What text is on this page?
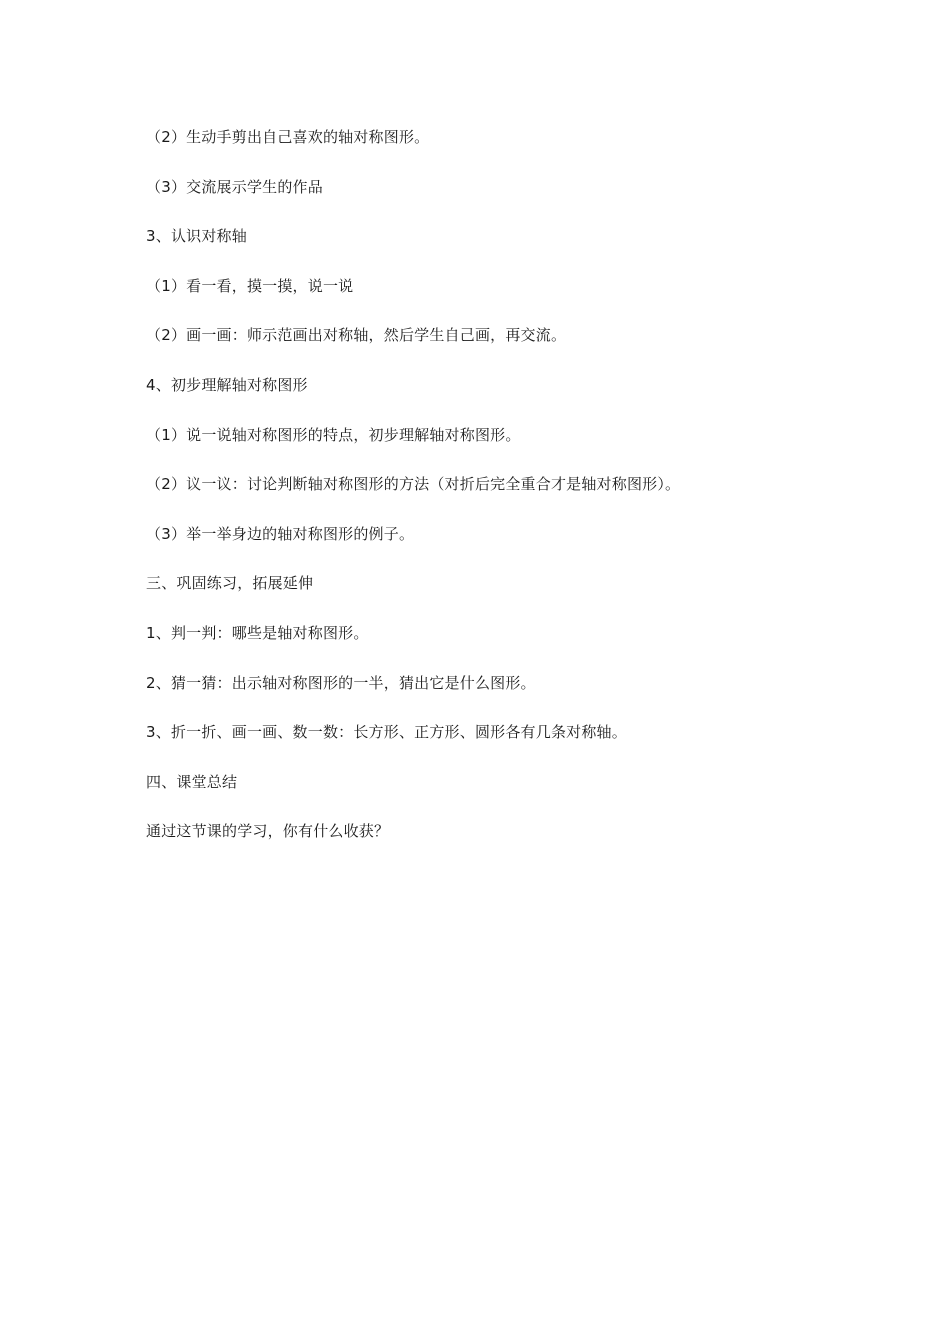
（2）生动手剪出自己喜欢的轴对称图形。
（3）交流展示学生的作品
3、认识对称轴
（1）看一看，摸一摸，说一说
（2）画一画：师示范画出对称轴，然后学生自己画，再交流。
4、初步理解轴对称图形
（1）说一说轴对称图形的特点，初步理解轴对称图形。
（2）议一议：讨论判断轴对称图形的方法（对折后完全重合才是轴对称图形）。
（3）举一举身边的轴对称图形的例子。
三、巩固练习，拓展延伸
1、判一判：哪些是轴对称图形。
2、猜一猜：出示轴对称图形的一半，猜出它是什么图形。
3、折一折、画一画、数一数：长方形、正方形、圆形各有几条对称轴。
四、课堂总结
通过这节课的学习，你有什么收获？
